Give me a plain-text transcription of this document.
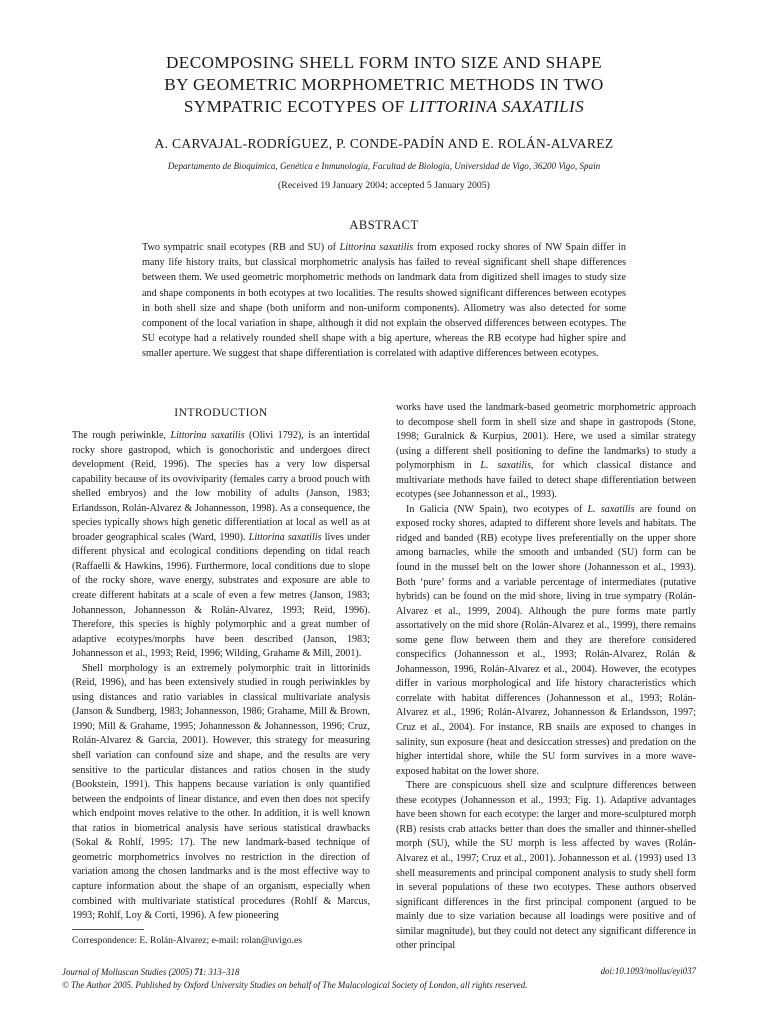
DECOMPOSING SHELL FORM INTO SIZE AND SHAPE
BY GEOMETRIC MORPHOMETRIC METHODS IN TWO
SYMPATRIC ECOTYPES OF LITTORINA SAXATILIS
A. CARVAJAL-RODRÍGUEZ, P. CONDE-PADÍN AND E. ROLÁN-ALVAREZ
Departamento de Bioquímica, Genética e Inmunología, Facultad de Biología, Universidad de Vigo, 36200 Vigo, Spain
(Received 19 January 2004; accepted 5 January 2005)
ABSTRACT
Two sympatric snail ecotypes (RB and SU) of Littorina saxatilis from exposed rocky shores of NW Spain differ in many life history traits, but classical morphometric analysis has failed to reveal significant shell shape differences between them. We used geometric morphometric methods on landmark data from digitized shell images to study size and shape components in both ecotypes at two localities. The results showed significant differences between ecotypes in both shell size and shape (both uniform and non-uniform components). Allometry was also detected for some component of the local variation in shape, although it did not explain the observed differences between ecotypes. The SU ecotype had a relatively rounded shell shape with a big aperture, whereas the RB ecotype had higher spire and smaller aperture. We suggest that shape differentiation is correlated with adaptive differences between ecotypes.
INTRODUCTION

The rough periwinkle, Littorina saxatilis (Olivi 1792), is an intertidal rocky shore gastropod, which is gonochoristic and undergoes direct development (Reid, 1996). The species has a very low dispersal capability because of its ovoviviparity (females carry a brood pouch with shelled embryos) and the low mobility of adults (Janson, 1983; Erlandsson, Rolán-Alvarez & Johannesson, 1998). As a consequence, the species typically shows high genetic differentiation at local as well as at broader geographical scales (Ward, 1990). Littorina saxatilis lives under different physical and ecological conditions depending on tidal reach (Raffaelli & Hawkins, 1996). Furthermore, local conditions due to slope of the rocky shore, wave energy, substrates and exposure are able to create different habitats at a scale of even a few metres (Janson, 1983; Johannesson, Johannesson & Rolán-Alvarez, 1993; Reid, 1996). Therefore, this species is highly polymorphic and a great number of adaptive ecotypes/morphs have been described (Janson, 1983; Johannesson et al., 1993; Reid, 1996; Wilding, Grahame & Mill, 2001).

Shell morphology is an extremely polymorphic trait in littorinids (Reid, 1996), and has been extensively studied in rough periwinkles by using distances and ratio variables in classical multivariate analysis (Janson & Sundberg, 1983; Johannesson, 1986; Grahame, Mill & Brown, 1990; Mill & Grahame, 1995; Johannesson & Johannesson, 1996; Cruz, Rolán-Alvarez & García, 2001). However, this strategy for measuring shell variation can confound size and shape, and the results are very sensitive to the particular distances and ratios chosen in the study (Bookstein, 1991). This happens because variation is only quantified between the endpoints of linear distance, and even then does not specify which endpoint moves relative to the other. In addition, it is well known that ratios in biometrical analysis have serious statistical drawbacks (Sokal & Rohlf, 1995: 17). The new landmark-based technique of geometric morphometrics involves no restriction in the direction of variation among the chosen landmarks and is the most effective way to capture information about the shape of an organism, especially when combined with multivariate statistical procedures (Rohlf & Marcus, 1993; Rohlf, Loy & Corti, 1996). A few pioneering

Correspondence: E. Rolán-Alvarez; e-mail: rolan@uvigo.es

works have used the landmark-based geometric morphometric approach to decompose shell form in shell size and shape in gastropods (Stone, 1998; Guralnick & Kurpius, 2001). Here, we used a similar strategy (using a different shell positioning to define the landmarks) to study a polymorphism in L. saxatilis, for which classical distance and multivariate methods have failed to detect shape differentiation between ecotypes (see Johannesson et al., 1993).

In Galicia (NW Spain), two ecotypes of L. saxatilis are found on exposed rocky shores, adapted to different shore levels and habitats. The ridged and banded (RB) ecotype lives preferentially on the upper shore among barnacles, while the smooth and unbanded (SU) form can be found in the mussel belt on the lower shore (Johannesson et al., 1993). Both ‘pure’ forms and a variable percentage of intermediates (putative hybrids) can be found on the mid shore, living in true sympatry (Rolán-Alvarez et al., 1999, 2004). Although the pure forms mate partly assortatively on the mid shore (Rolán-Alvarez et al., 1999), there remains some gene flow between them and they are therefore considered conspecifics (Johannesson et al., 1993; Rolán-Alvarez, Rolán & Johannesson, 1996, Rolán-Alvarez et al., 2004). However, the ecotypes differ in various morphological and life history characteristics which correlate with habitat differences (Johannesson et al., 1993; Rolán-Alvarez et al., 1996; Rolán-Alvarez, Johannesson & Erlandsson, 1997; Cruz et al., 2004). For instance, RB snails are exposed to changes in salinity, sun exposure (heat and desiccation stresses) and predation on the higher intertidal shore, while the SU form survives in a more wave-exposed habitat on the lower shore.

There are conspicuous shell size and sculpture differences between these ecotypes (Johannesson et al., 1993; Fig. 1). Adaptive advantages have been shown for each ecotype: the larger and more-sculptured morph (RB) resists crab attacks better than does the smaller and thinner-shelled morph (SU), while the SU morph is less affected by waves (Rolán-Alvarez et al., 1997; Cruz et al., 2001). Johannesson et al. (1993) used 13 shell measurements and principal component analysis to study shell form in several populations of these two ecotypes. These authors observed significant differences in the first principal component (argued to be mainly due to size variation because all loadings were positive and of similar magnitude), but they could not detect any significant difference in other principal

Journal of Molluscan Studies (2005) 71: 313–318
© The Author 2005. Published by Oxford University Studies on behalf of The Malacological Society of London, all rights reserved.
doi:10.1093/mollus/eyi037
